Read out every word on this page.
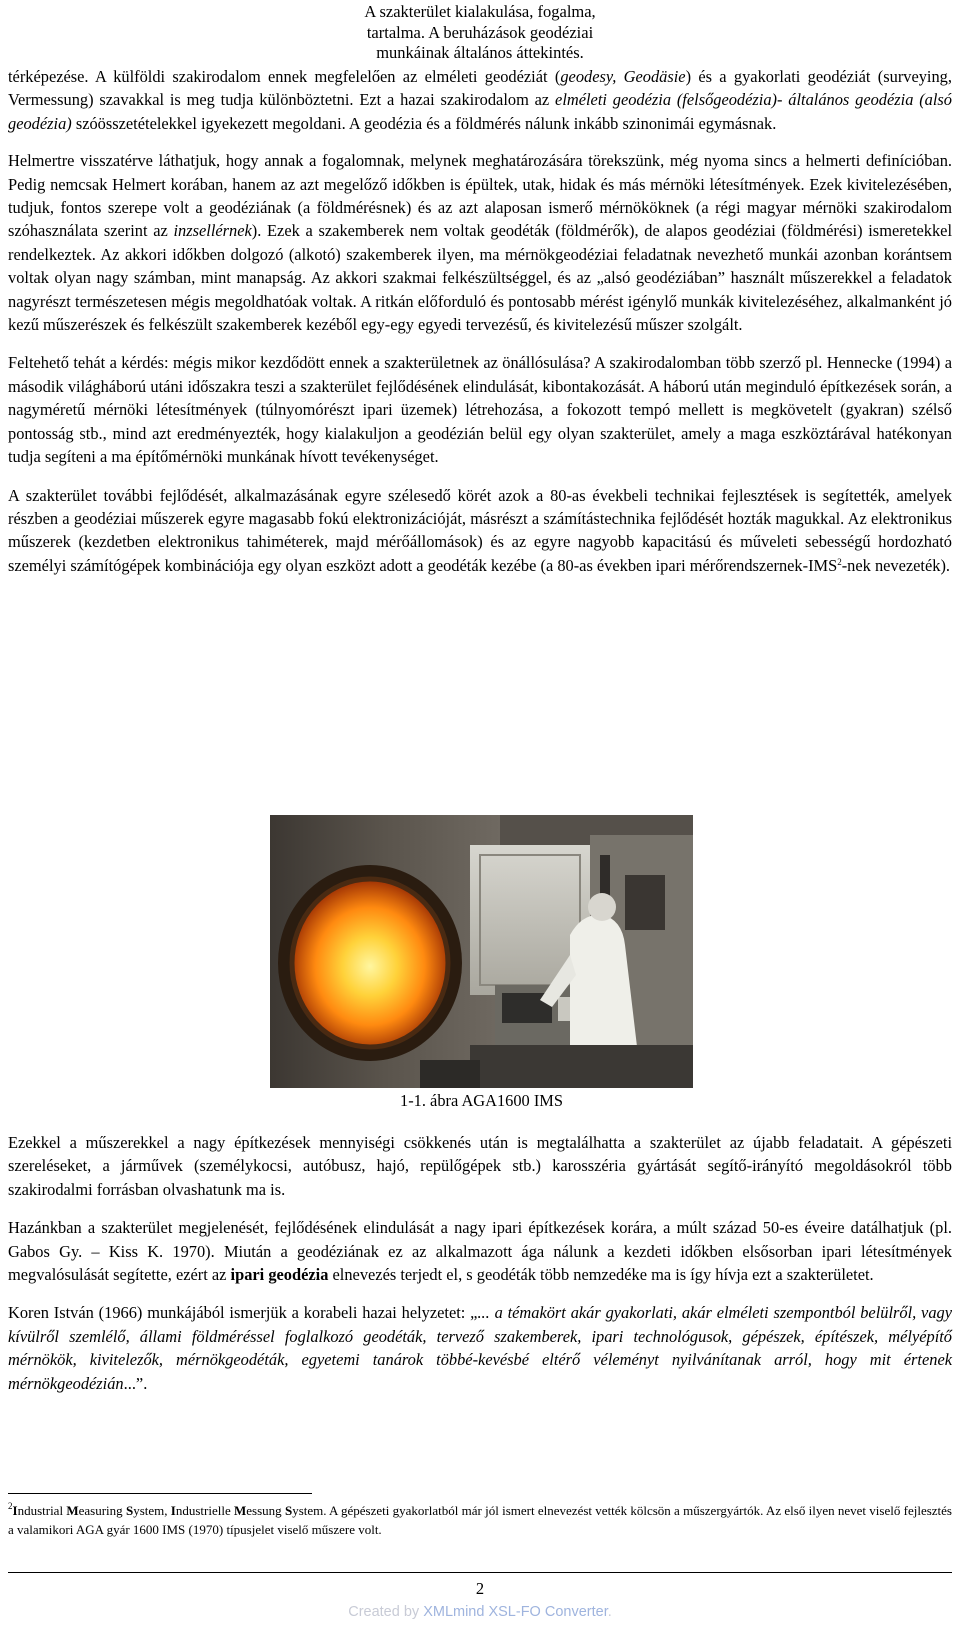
A szakterület kialakulása, fogalma,
tartalma. A beruházások geodéziai
munkáinak általános áttekintés.

térképezése. A külföldi szakirodalom ennek megfelelően az elméleti geodéziát (geodesy, Geodäsie) és a gyakorlati geodéziát (surveying, Vermessung) szavakkal is meg tudja különböztetni. Ezt a hazai szakirodalom az elméleti geodézia (felsőgeodézia)- általános geodézia (alsó geodézia) szóösszetételekkel igyekezett megoldani. A geodézia és a földmérés nálunk inkább szinonimái egymásnak.

Helmertre visszatérve láthatjuk, hogy annak a fogalomnak, melynek meghatározására törekszünk, még nyoma sincs a helmerti definícióban. Pedig nemcsak Helmert korában, hanem az azt megelőző időkben is épültek, utak, hidak és más mérnöki létesítmények. Ezek kivitelezésében, tudjuk, fontos szerepe volt a geodéziának (a földmérésnek) és az azt alaposan ismerő mérnököknek (a régi magyar mérnöki szakirodalom szóhasználata szerint az inzsellérnek). Ezek a szakemberek nem voltak geodéták (földmérők), de alapos geodéziai (földmérési) ismeretekkel rendelkeztek. Az akkori időkben dolgozó (alkotó) szakemberek ilyen, ma mérnökgeodéziai feladatnak nevezhető munkái azonban korántsem voltak olyan nagy számban, mint manapság. Az akkori szakmai felkészültséggel, és az „alsó geodéziában” használt műszerekkel a feladatok nagyrészt természetesen mégis megoldhatóak voltak. A ritkán előforduló és pontosabb mérést igénylő munkák kivitelezéséhez, alkalmanként jó kezű műszerészek és felkészült szakemberek kezéből egy-egy egyedi tervezésű, és kivitelezésű műszer szolgált.

Feltehető tehát a kérdés: mégis mikor kezdődött ennek a szakterületnek az önállósulása? A szakirodalomban több szerző pl. Hennecke (1994) a második világháború utáni időszakra teszi a szakterület fejlődésének elindulását, kibontakozását. A háború után meginduló építkezések során, a nagyméretű mérnöki létesítmények (túlnyomórészt ipari üzemek) létrehozása, a fokozott tempó mellett is megkövetelt (gyakran) szélső pontosság stb., mind azt eredményezték, hogy kialakuljon a geodézián belül egy olyan szakterület, amely a maga eszköztárával hatékonyan tudja segíteni a ma építőmérnöki munkának hívott tevékenységet.

A szakterület további fejlődését, alkalmazásának egyre szélesedő körét azok a 80-as évekbeli technikai fejlesztések is segítették, amelyek részben a geodéziai műszerek egyre magasabb fokú elektronizációját, másrészt a számítástechnika fejlődését hozták magukkal. Az elektronikus műszerek (kezdetben elektronikus tahiméterek, majd mérőállomások) és az egyre nagyobb kapacitású és műveleti sebességű hordozható személyi számítógépek kombinációja egy olyan eszközt adott a geodéták kezébe (a 80-as években ipari mérőrendszernek-IMS$^2$-nek nevezeték).

1-1. ábra AGA1600 IMS

Ezekkel a műszerekkel a nagy építkezések mennyiségi csökkenés után is megtalálhatta a szakterület az újabb feladatait. A gépészeti szereléseket, a járművek (személykocsi, autóbusz, hajó, repülőgépek stb.) karosszéria gyártását segítő-irányító megoldásokról több szakirodalmi forrásban olvashatunk ma is.

Hazánkban a szakterület megjelenését, fejlődésének elindulását a nagy ipari építkezések korára, a múlt század 50-es éveire datálhatjuk (pl. Gabos Gy. – Kiss K. 1970). Miután a geodéziának ez az alkalmazott ága nálunk a kezdeti időkben elsősorban ipari létesítmények megvalósulását segítette, ezért az ipari geodézia elnevezés terjedt el, s geodéták több nemzedéke ma is így hívja ezt a szakterületet.

Koren István (1966) munkájából ismerjük a korabeli hazai helyzetet: „... a témakört akár gyakorlati, akár elméleti szempontból belülről, vagy kívülről szemlélő, állami földméréssel foglalkozó geodéták, tervező szakemberek, ipari technológusok, gépészek, építészek, mélyépítő mérnökök, kivitelezők, mérnökgeodéták, egyetemi tanárok többé-kevésbé eltérő véleményt nyilvánítanak arról, hogy mit értenek mérnökgeodézián...”.

$^2$Industrial Measuring System, Industrielle Messung System. A gépészeti gyakorlatból már jól ismert elnevezést vették kölcsön a műszergyártók. Az első ilyen nevet viselő fejlesztés a valamikori AGA gyár 1600 IMS (1970) típusjelet viselő műszere volt.
2
Created by XMLmind XSL-FO Converter.
